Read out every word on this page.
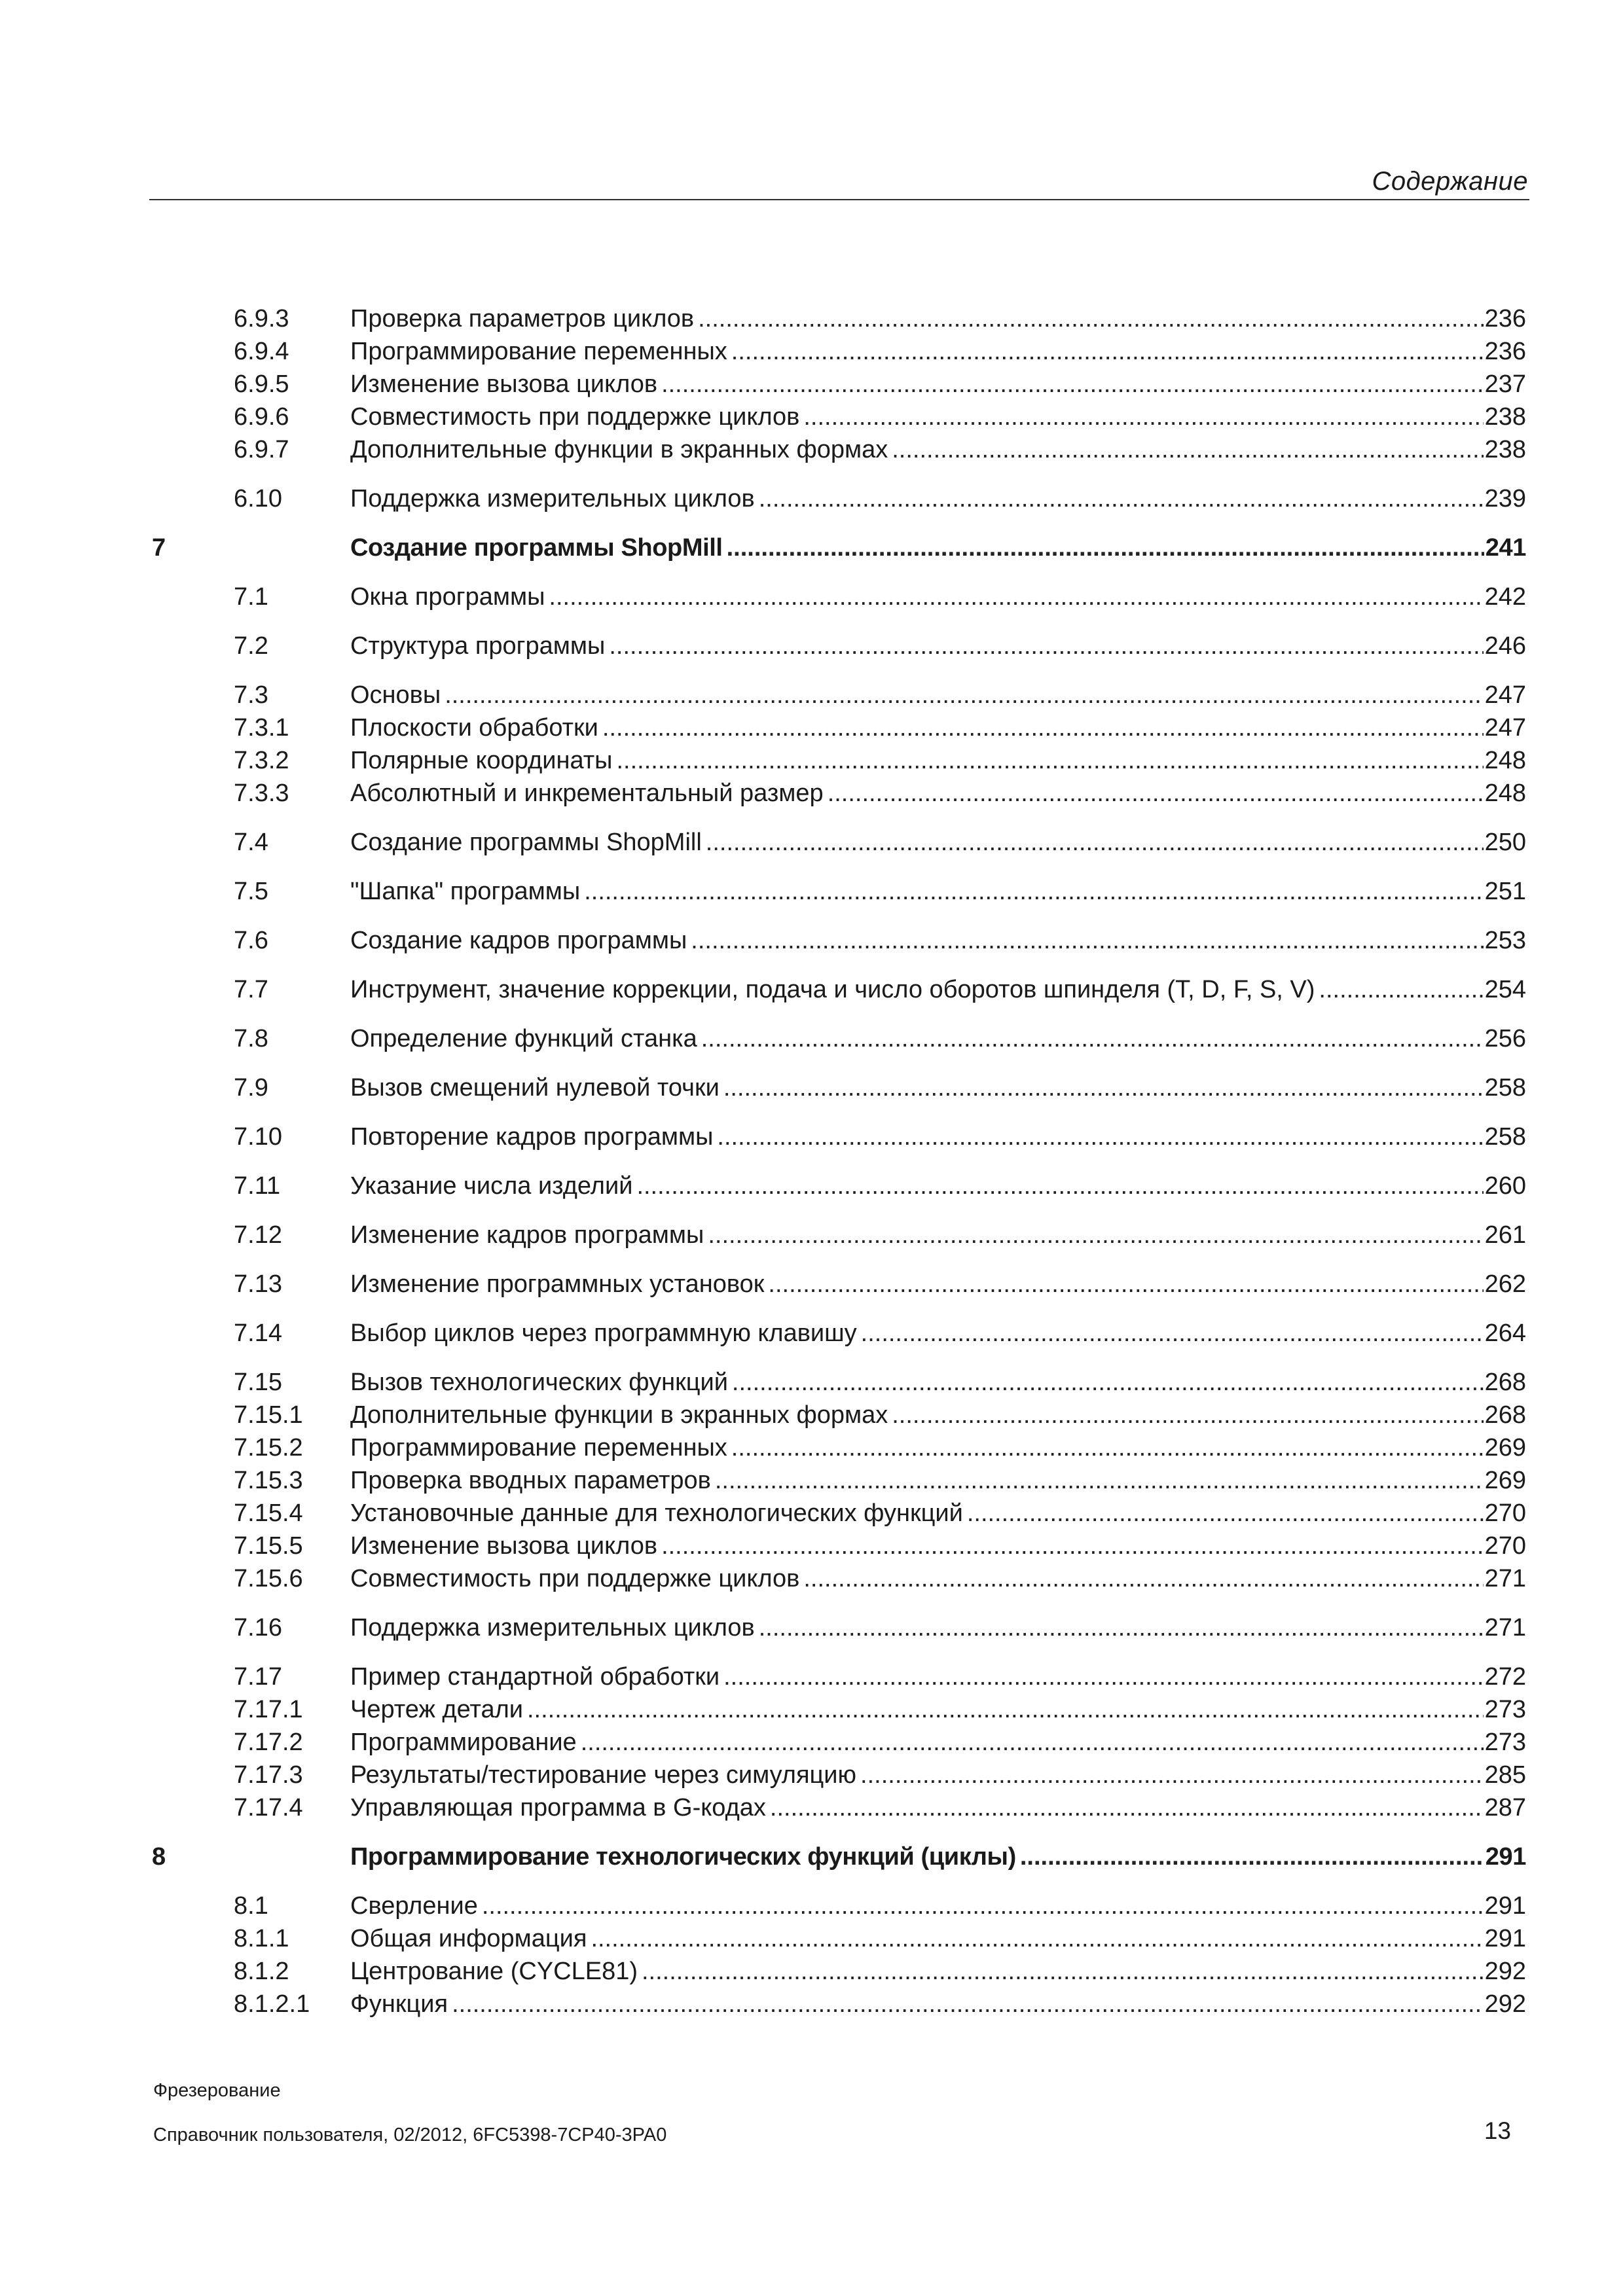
Содержание
6.9.3	Проверка параметров циклов .....	236
6.9.4	Программирование переменных .....	236
6.9.5	Изменение вызова циклов .....	237
6.9.6	Совместимость при поддержке циклов .....	238
6.9.7	Дополнительные функции в экранных формах .....	238
6.10	Поддержка измерительных циклов .....	239
7	Создание программы ShopMill .....	241
7.1	Окна программы .....	242
7.2	Структура программы .....	246
7.3	Основы .....	247
7.3.1	Плоскости обработки .....	247
7.3.2	Полярные координаты .....	248
7.3.3	Абсолютный и инкрементальный размер .....	248
7.4	Создание программы ShopMill .....	250
7.5	"Шапка" программы .....	251
7.6	Создание кадров программы .....	253
7.7	Инструмент, значение коррекции, подача и число оборотов шпинделя (T, D, F, S, V) .....	254
7.8	Определение функций станка .....	256
7.9	Вызов смещений нулевой точки .....	258
7.10	Повторение кадров программы .....	258
7.11	Указание числа изделий .....	260
7.12	Изменение кадров программы .....	261
7.13	Изменение программных установок .....	262
7.14	Выбор циклов через программную клавишу .....	264
7.15	Вызов технологических функций .....	268
7.15.1	Дополнительные функции в экранных формах .....	268
7.15.2	Программирование переменных .....	269
7.15.3	Проверка вводных параметров .....	269
7.15.4	Установочные данные для технологических функций .....	270
7.15.5	Изменение вызова циклов .....	270
7.15.6	Совместимость при поддержке циклов .....	271
7.16	Поддержка измерительных циклов .....	271
7.17	Пример стандартной обработки .....	272
7.17.1	Чертеж детали .....	273
7.17.2	Программирование .....	273
7.17.3	Результаты/тестирование через симуляцию .....	285
7.17.4	Управляющая программа в G-кодах .....	287
8	Программирование технологических функций (циклы) .....	291
8.1	Сверление .....	291
8.1.1	Общая информация .....	291
8.1.2	Центрование (CYCLE81) .....	292
8.1.2.1	Функция .....	292
Фрезерование
Справочник пользователя, 02/2012, 6FC5398-7CP40-3PA0	13
